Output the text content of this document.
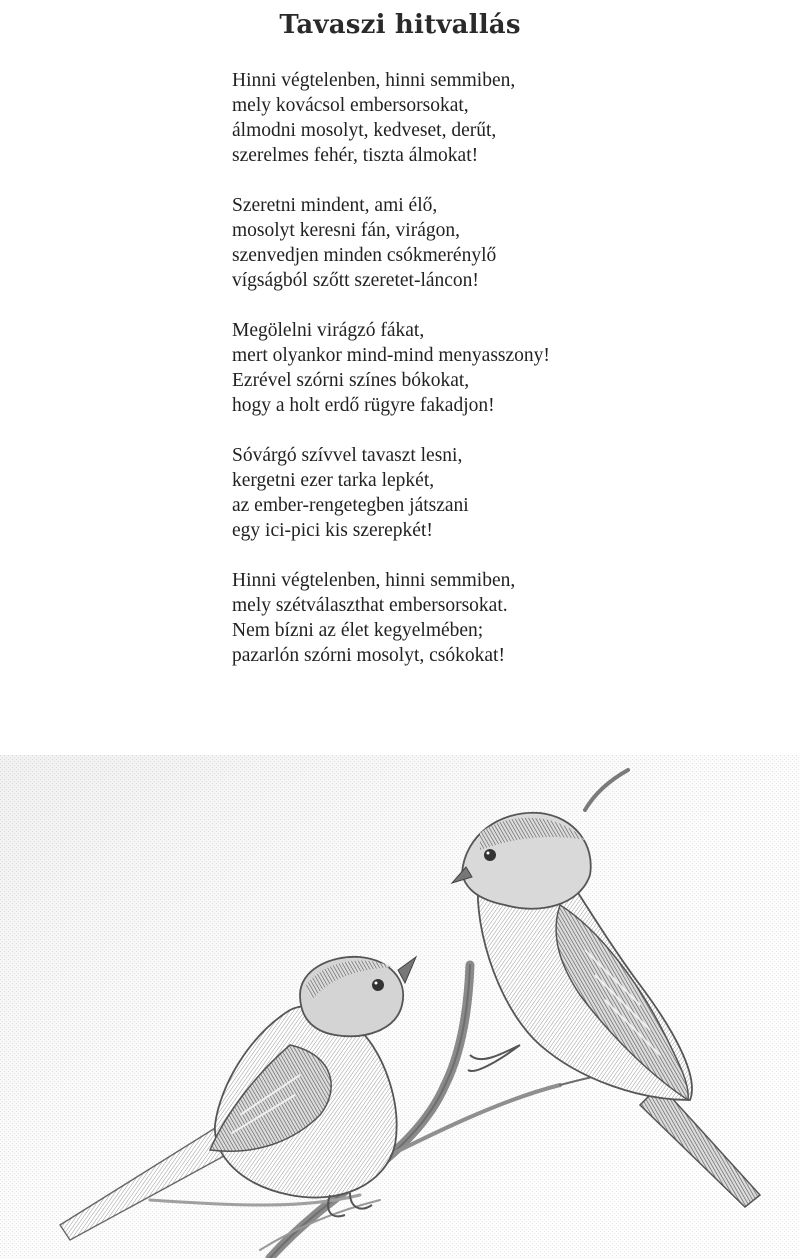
Tavaszi hitvallás
Hinni végtelenben, hinni semmiben,
mely kovácsol embersorsokat,
álmodni mosolyt, kedveset, derűt,
szerelmes fehér, tiszta álmokat!
Szeretni mindent, ami élő,
mosolyt keresni fán, virágon,
szenvedjen minden csókmerénylő
vígságból szőtt szeretet-láncon!
Megölelni virágzó fákat,
mert olyankor mind-mind menyasszony!
Ezrével szórni színes bókokat,
hogy a holt erdő rügyre fakadjon!
Sóvárgó szívvel tavaszt lesni,
kergetni ezer tarka lepkét,
az ember-rengetegben játszani
egy ici-pici kis szerepkét!
Hinni végtelenben, hinni semmiben,
mely szétválaszthat embersorsokat.
Nem bízni az élet kegyelmében;
pazarlón szórni mosolyt, csókokat!
